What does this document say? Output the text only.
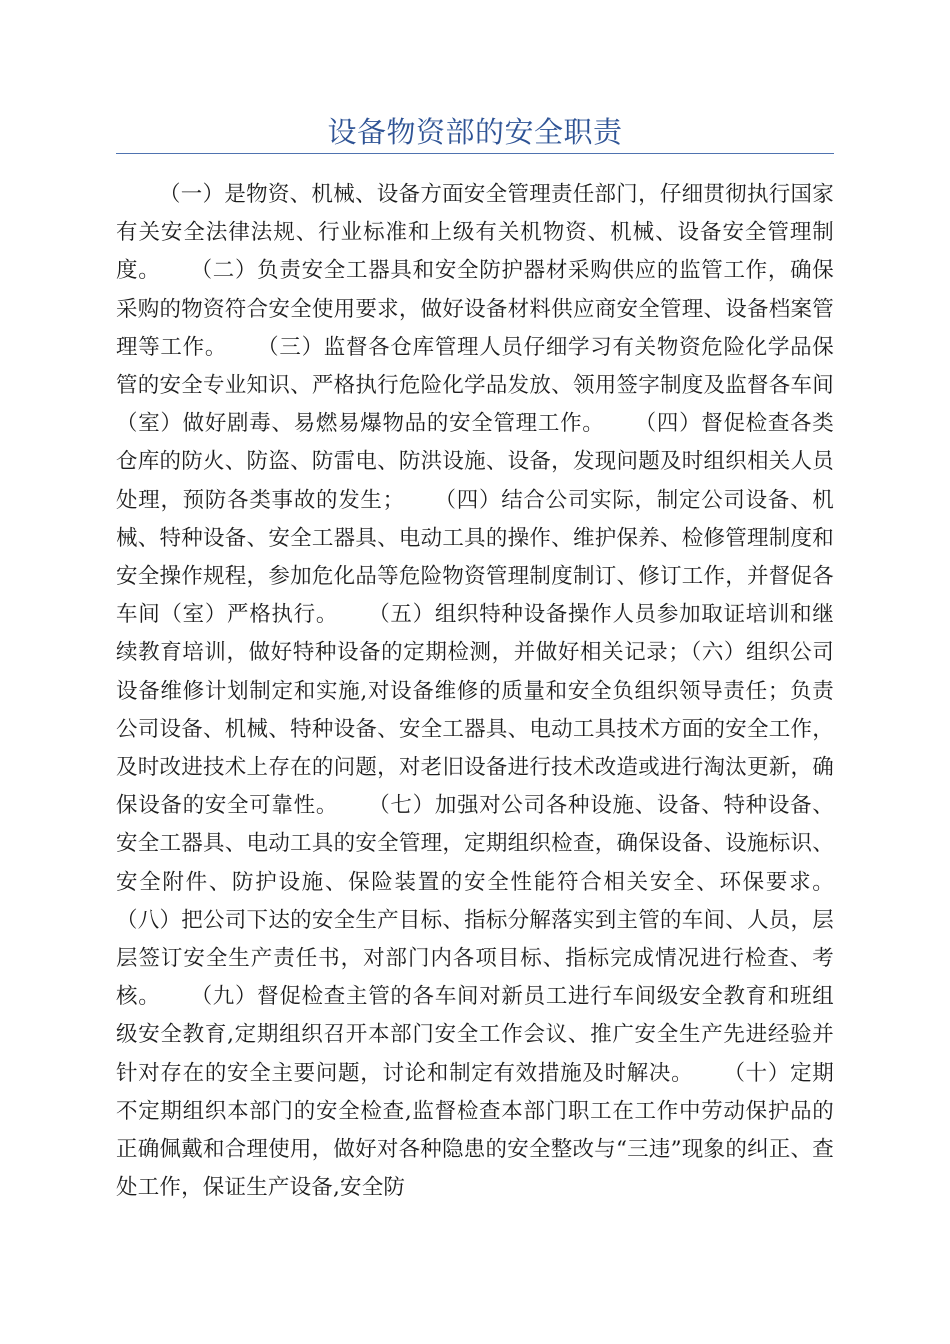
设备物资部的安全职责

（一）是物资、机械、设备方面安全管理责任部门，仔细贯彻执行国家有关安全法律法规、行业标准和上级有关机物资、机械、设备安全管理制度。    （二）负责安全工器具和安全防护器材采购供应的监管工作，确保采购的物资符合安全使用要求，做好设备材料供应商安全管理、设备档案管理等工作。    （三）监督各仓库管理人员仔细学习有关物资危险化学品保管的安全专业知识、严格执行危险化学品发放、领用签字制度及监督各车间（室）做好剧毒、易燃易爆物品的安全管理工作。    （四）督促检查各类仓库的防火、防盗、防雷电、防洪设施、设备，发现问题及时组织相关人员处理，预防各类事故的发生；    （四）结合公司实际，制定公司设备、机械、特种设备、安全工器具、电动工具的操作、维护保养、检修管理制度和安全操作规程，参加危化品等危险物资管理制度制订、修订工作，并督促各车间（室）严格执行。    （五）组织特种设备操作人员参加取证培训和继续教育培训，做好特种设备的定期检测，并做好相关记录；（六）组织公司设备维修计划制定和实施,对设备维修的质量和安全负组织领导责任；负责公司设备、机械、特种设备、安全工器具、电动工具技术方面的安全工作，及时改进技术上存在的问题，对老旧设备进行技术改造或进行淘汰更新，确保设备的安全可靠性。    （七）加强对公司各种设施、设备、特种设备、安全工器具、电动工具的安全管理，定期组织检查，确保设备、设施标识、安全附件、防护设施、保险装置的安全性能符合相关安全、环保要求。    （八）把公司下达的安全生产目标、指标分解落实到主管的车间、人员，层层签订安全生产责任书，对部门内各项目标、指标完成情况进行检查、考核。    （九）督促检查主管的各车间对新员工进行车间级安全教育和班组级安全教育,定期组织召开本部门安全工作会议、推广安全生产先进经验并针对存在的安全主要问题，讨论和制定有效措施及时解决。    （十）定期不定期组织本部门的安全检查,监督检查本部门职工在工作中劳动保护品的正确佩戴和合理使用，做好对各种隐患的安全整改与“三违”现象的纠正、查处工作，保证生产设备,安全防
